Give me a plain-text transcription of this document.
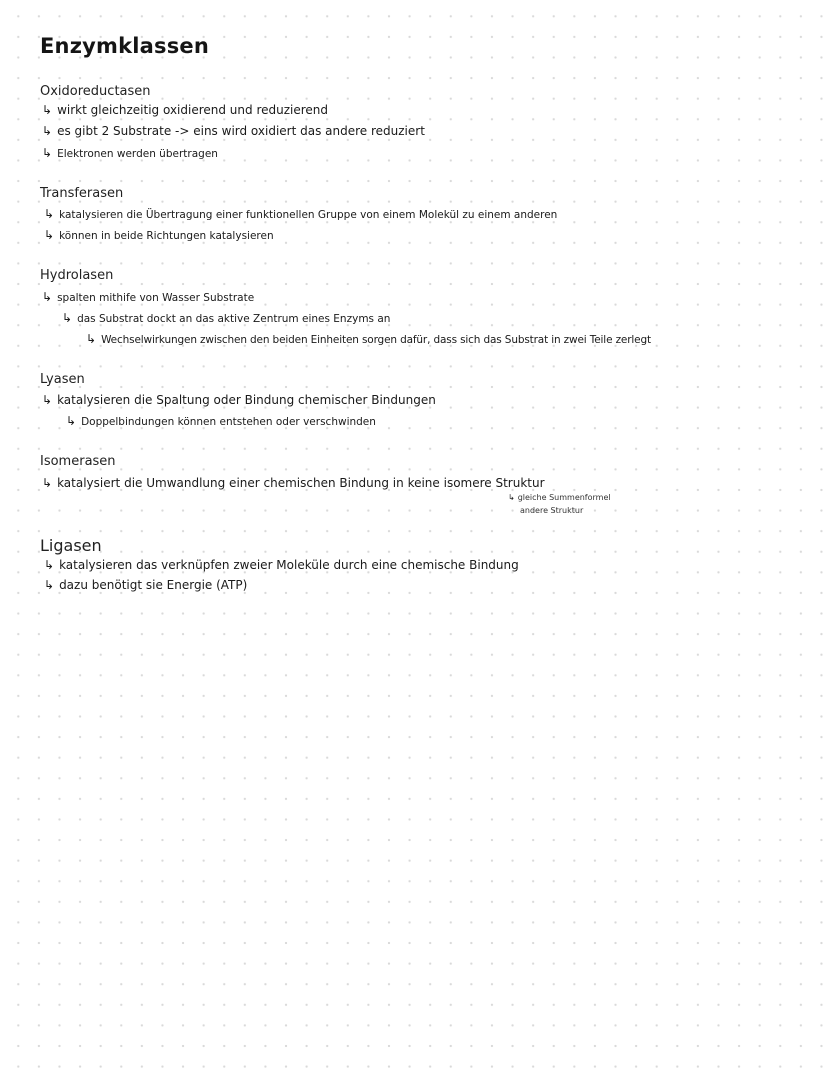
Enzymklassen
Oxidoreductasen
↳ wirkt gleichzeitig oxidierend und reduzierend
↳ es gibt 2 Substrate -> eins wird oxidiert das andere reduziert
↳ Elektronen werden übertragen
Transferasen
↳ katalysieren die Übertragung einer funktionellen Gruppe von einem Molekül zu einem anderen
↳ können in beide Richtungen katalysieren
Hydrolasen
↳ spalten mithife von Wasser Substrate
↳ das Substrat dockt an das aktive Zentrum eines Enzyms an
↳ Wechselwirkungen zwischen den beiden Einheiten sorgen dafür, dass sich das Substrat in zwei Teile zerlegt
Lyasen
↳ katalysieren die Spaltung oder Bindung chemischer Bindungen
↳ Doppelbindungen können entstehen oder verschwinden
Isomerasen
↳ katalysiert die Umwandlung einer chemischen Bindung in keine isomere Struktur
↳ gleiche Summenformel
andere Struktur
Ligasen
↳ katalysieren das verknüpfen zweier Moleküle durch eine chemische Bindung
↳ dazu benötigt sie Energie (ATP)
